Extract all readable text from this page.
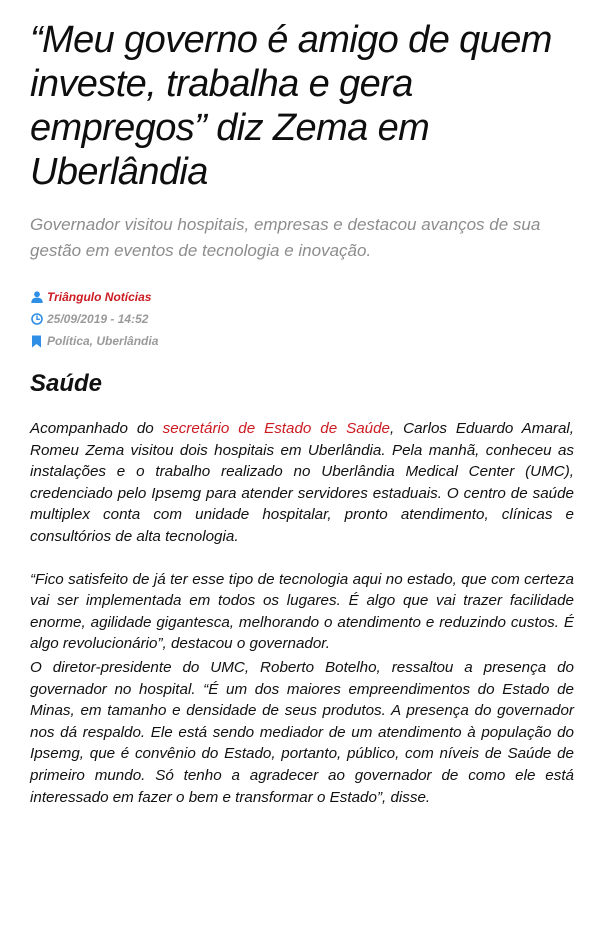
“Meu governo é amigo de quem investe, trabalha e gera empregos” diz Zema em Uberlândia

Governador visitou hospitais, empresas e destacou avanços de sua gestão em eventos de tecnologia e inovação.

Triângulo Notícias
25/09/2019 - 14:52
Política, Uberlândia
Saúde

Acompanhado do secretário de Estado de Saúde, Carlos Eduardo Amaral, Romeu Zema visitou dois hospitais em Uberlândia. Pela manhã, conheceu as instalações e o trabalho realizado no Uberlândia Medical Center (UMC), credenciado pelo Ipsemg para atender servidores estaduais. O centro de saúde multiplex conta com unidade hospitalar, pronto atendimento, clínicas e consultórios de alta tecnologia.

“Fico satisfeito de já ter esse tipo de tecnologia aqui no estado, que com certeza vai ser implementada em todos os lugares. É algo que vai trazer facilidade enorme, agilidade gigantesca, melhorando o atendimento e reduzindo custos. É algo revolucionário”, destacou o governador.

O diretor-presidente do UMC, Roberto Botelho, ressaltou a presença do governador no hospital. “É um dos maiores empreendimentos do Estado de Minas, em tamanho e densidade de seus produtos. A presença do governador nos dá respaldo. Ele está sendo mediador de um atendimento à população do Ipsemg, que é convênio do Estado, portanto, público, com níveis de Saúde de primeiro mundo. Só tenho a agradecer ao governador de como ele está interessado em fazer o bem e transformar o Estado”, disse.
